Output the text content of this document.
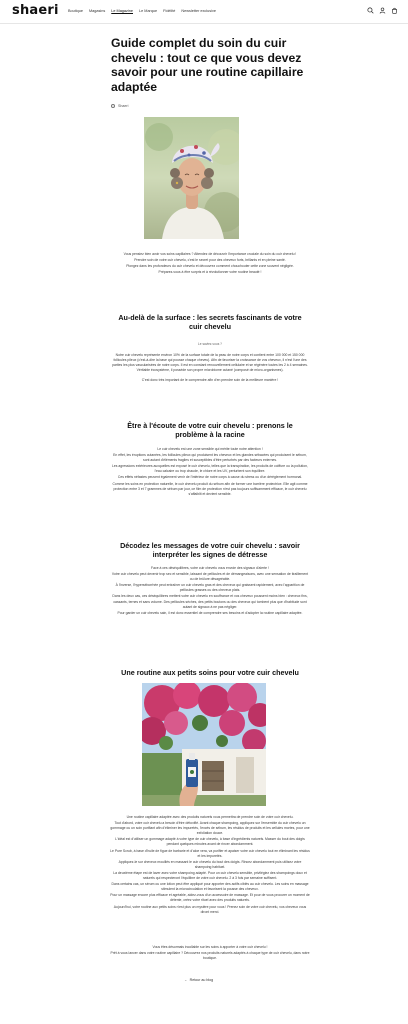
shaeri Boutique Magasins Le Magazine Le Marque Fidélité Newsletter exclusive
Guide complet du soin du cuir chevelu : tout ce que vous devez savoir pour une routine capillaire adaptée
Shaeri

Vous pensiez bien avoir vos soins capillaires ? Attendez de découvrir l'importance cruciale du soin du cuir chevelu !

Prendre soin de votre cuir chevelu, c'est le secret pour des cheveux forts, brillants et en pleine santé.

Plongez dans les profondeurs du cuir chevelu et découvrez comment chouchouter cette zone souvent négligée.

Préparez-vous à être surpris et à révolutionner votre routine beauté !

Au-delà de la surface : les secrets fascinants de votre cuir chevelu

Le saviez-vous ?

Notre cuir chevelu représente environ 10% de la surface totale de la peau de notre corps et contient entre 100 000 et 150 000 follicules pileux (c'est-à-dire la base qui pousse chaque cheveu). Afin de favoriser la croissance de vos cheveux, il n'est l'une des parties les plus vascularisées de notre corps. Il est en constant renouvellement cellulaire et se régénère toutes les 2 à 4 semaines. Véritable écosystème, il possède son propre microbiome cutané (composé de micro-organismes).

C'est donc très important de le comprendre afin d'en prendre soin de la meilleure manière !

Être à l'écoute de votre cuir chevelu : prenons le problème à la racine

Le cuir chevelu est une zone sensible qui mérite toute notre attention !

En effet, les éruptions cutanées, les follicules pileux qui produisent les cheveux et les glandes sébacées qui produisent le sébum, sont autant d'éléments fragiles et susceptibles d'être perturbés par des facteurs externes.

Les agressions extérieures auxquelles est exposé le cuir chevelu, telles que la transpiration, les produits de coiffure ou la pollution, l'eau calcaire ou trop chaude, le chlore et les UV, perturbent son équilibre.

Ces effets néfastes peuvent également venir de l'intérieur de notre corps à cause du stress ou d'un dérèglement hormonal.

Comme les soins en protection naturelle, le cuir chevelu produit du sébum afin de former une barrière protectrice. Elle agit comme protection entre 3 et 7 grammes de sébum par jour, ce film de protection n'est pas toujours suffisamment efficace, le cuir chevelu s'affaiblit et devient sensible.

Décodez les messages de votre cuir chevelu : savoir interpréter les signes de détresse

Face à ces déséquilibres, votre cuir chevelu vous envoie des signaux d'alerte !

Votre cuir chevelu peut devenir trop sec et sensible, laissant de pellicules et de démangeaisons, avec une sensation de tiraillement ou de brûlure désagréable.

À l'inverse, l'hyperséborrhée peut entraîner un cuir chevelu gras et des cheveux qui graissent rapidement, avec l'apparition de pellicules grasses ou des cheveux plats.

Dans les deux cas, ces déséquilibres mettent votre cuir chevelu en souffrance et vos cheveux poussent moins bien : cheveux fins, cassants, ternes et sans volume. Des pellicules sèches, des petits boutons ou des cheveux qui tombent plus que d'habitude sont autant de signaux à ne pas négliger.

Pour garder un cuir chevelu sain, il est donc essentiel de comprendre ses besoins et d'adopter la routine capillaire adaptée.

Une routine aux petits soins pour votre cuir chevelu

Une routine capillaire adaptée avec des produits naturels vous permettra de prendre soin de votre cuir chevelu.

Tout d'abord, votre cuir chevelu a besoin d'être détoxifié. Avant chaque shampoing, appliquez sur l'ensemble du cuir chevelu un gommage ou un soin purifiant afin d'éliminer les impuretés, l'excès de sébum, les résidus de produits et les cellules mortes, pour une exfoliation douce.

L'idéal est d'utiliser un gommage adapté à votre type de cuir chevelu, à base d'ingrédients naturels. Masser du bout des doigts pendant quelques minutes avant de rincer abondamment.

Le Pure Scrub, à base d'huile de figue de barbarie et d'aloe vera, va purifier et apaiser votre cuir chevelu tout en éliminant les résidus et les impuretés.

Appliquez-le sur cheveux mouillés en massant le cuir chevelu du bout des doigts. Rincez abondamment puis utilisez votre shampoing habituel.

La deuxième étape est de laver avec votre shampoing adapté. Pour un cuir chevelu sensible, privilégiez des shampoings doux et naturels qui respecteront l'équilibre de votre cuir chevelu. 2 à 3 fois par semaine suffisent.

Dans certains cas, un sérum ou une lotion peut être appliqué pour apporter des actifs ciblés au cuir chevelu. Les soins en massage stimulent la microcirculation et favorisent la pousse des cheveux.

Pour un massage encore plus efficace et agréable, aidez-vous d'un accessoire de massage. Et pour de vous procurer un moment de détente, créez votre rituel avec des produits naturels.

Aujourd'hui, votre routine aux petits soins n'est plus un mystère pour vous ! Prenez soin de votre cuir chevelu, vos cheveux vous diront merci.

Vous êtes désormais incollable sur les soins à apporter à votre cuir chevelu !

Prêt à vous lancer dans votre routine capillaire ? Découvrez nos produits naturels adaptés à chaque type de cuir chevelu, dans notre boutique.

← Retour au blog
